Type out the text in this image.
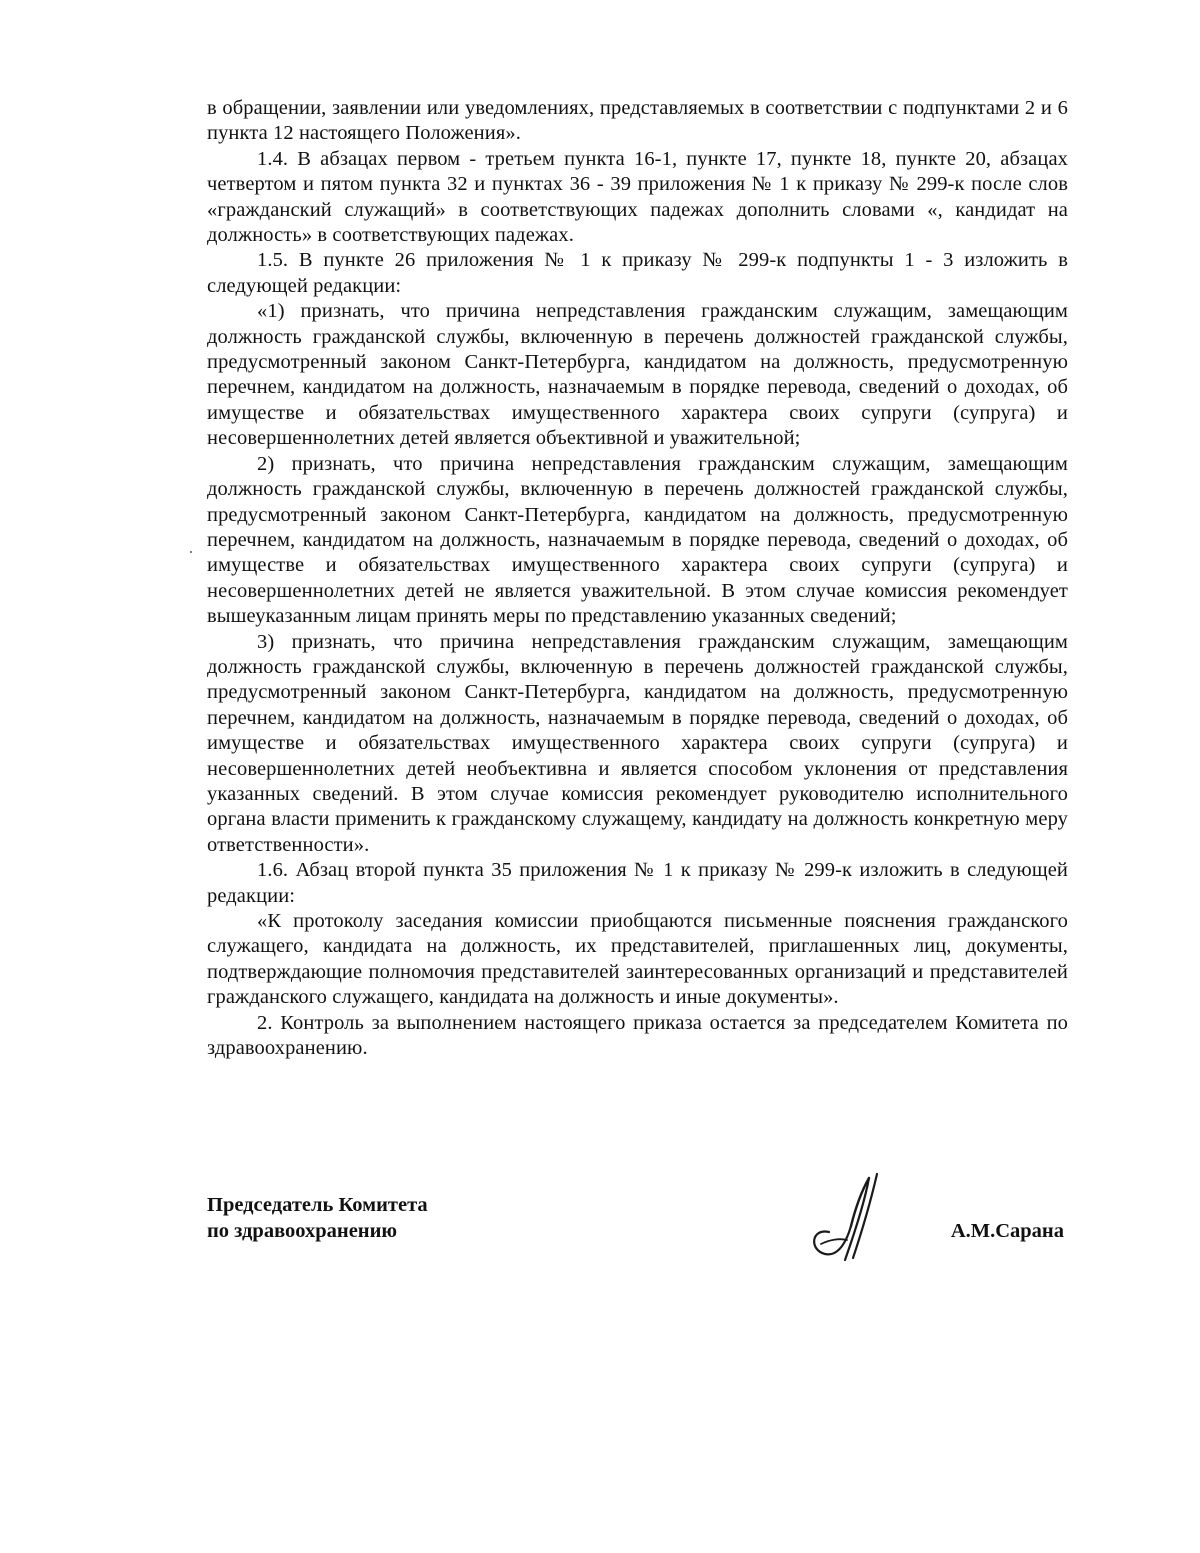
в обращении, заявлении или уведомлениях, представляемых в соответствии с подпунктами 2 и 6 пункта 12 настоящего Положения».

1.4. В абзацах первом - третьем пункта 16-1, пункте 17, пункте 18, пункте 20, абзацах четвертом и пятом пункта 32 и пунктах 36 - 39 приложения № 1 к приказу № 299-к после слов «гражданский служащий» в соответствующих падежах дополнить словами «, кандидат на должность» в соответствующих падежах.

1.5. В пункте 26 приложения № 1 к приказу № 299-к подпункты 1 - 3 изложить в следующей редакции:

«1) признать, что причина непредставления гражданским служащим, замещающим должность гражданской службы, включенную в перечень должностей гражданской службы, предусмотренный законом Санкт-Петербурга, кандидатом на должность, предусмотренную перечнем, кандидатом на должность, назначаемым в порядке перевода, сведений о доходах, об имуществе и обязательствах имущественного характера своих супруги (супруга) и несовершеннолетних детей является объективной и уважительной;

2) признать, что причина непредставления гражданским служащим, замещающим должность гражданской службы, включенную в перечень должностей гражданской службы, предусмотренный законом Санкт-Петербурга, кандидатом на должность, предусмотренную перечнем, кандидатом на должность, назначаемым в порядке перевода, сведений о доходах, об имуществе и обязательствах имущественного характера своих супруги (супруга) и несовершеннолетних детей не является уважительной. В этом случае комиссия рекомендует вышеуказанным лицам принять меры по представлению указанных сведений;

3) признать, что причина непредставления гражданским служащим, замещающим должность гражданской службы, включенную в перечень должностей гражданской службы, предусмотренный законом Санкт-Петербурга, кандидатом на должность, предусмотренную перечнем, кандидатом на должность, назначаемым в порядке перевода, сведений о доходах, об имуществе и обязательствах имущественного характера своих супруги (супруга) и несовершеннолетних детей необъективна и является способом уклонения от представления указанных сведений. В этом случае комиссия рекомендует руководителю исполнительного органа власти применить к гражданскому служащему, кандидату на должность конкретную меру ответственности».

1.6. Абзац второй пункта 35 приложения № 1 к приказу № 299-к изложить в следующей редакции:

«К протоколу заседания комиссии приобщаются письменные пояснения гражданского служащего, кандидата на должность, их представителей, приглашенных лиц, документы, подтверждающие полномочия представителей заинтересованных организаций и представителей гражданского служащего, кандидата на должность и иные документы».

2. Контроль за выполнением настоящего приказа остается за председателем Комитета по здравоохранению.

Председатель Комитета
по здравоохранению	А.М.Сарана
